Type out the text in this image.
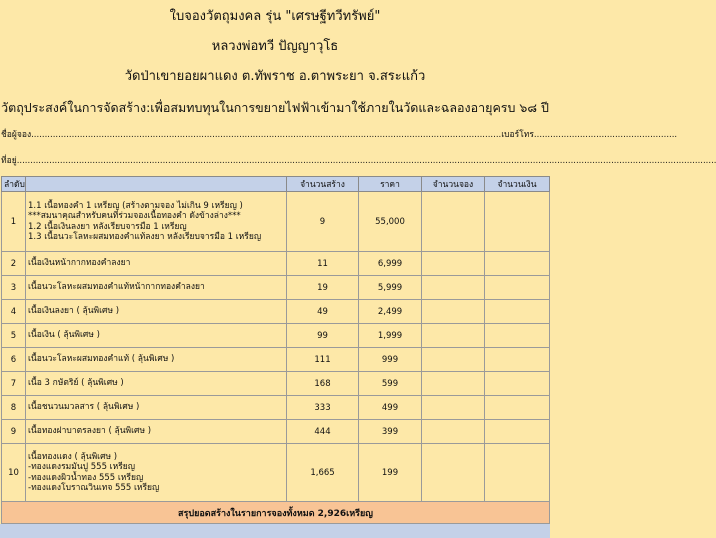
ใบจองวัตถุมงคล รุ่น "เศรษฐีทวีทรัพย์"
หลวงพ่อทวี ปัญญาวุโธ
วัดป่าเขายอยผาแดง ต.ทัพราช อ.ตาพระยา จ.สระแก้ว
วัตถุประสงค์ในการจัดสร้าง:เพื่อสมทบทุนในการขยายไฟฟ้าเข้ามาใช้ภายในวัดและฉลองอายุครบ ๖๘ ปี
ชื่อผู้จอง..............................................................................................................................................................................เบอร์โทร.....................................................
ที่อยู่...................................................................................................................................................................................................................................................................
ลำดับ		จำนวนสร้าง	ราคา	จำนวนจอง	จำนวนเงิน
1	1.1 เนื้อทองคำ 1 เหรียญ (สร้างตามจอง ไม่เกิน 9 เหรียญ )
***สมนาคุณสำหรับคนที่ร่วมจองเนื้อทองคำ ดังข้างล่าง***
1.2 เนื้อเงินลงยา หลังเรียบจารมือ 1 เหรียญ
1.3 เนื้อนวะโลหะผสมทองคำแท้ลงยา หลังเรียบจารมือ 1 เหรียญ	9	55,000		
2	เนื้อเงินหน้ากากทองคำลงยา	11	6,999		
3	เนื้อนวะโลหะผสมทองคำแท้หน้ากากทองคำลงยา	19	5,999		
4	เนื้อเงินลงยา ( ลุ้นพิเศษ )	49	2,499		
5	เนื้อเงิน ( ลุ้นพิเศษ )	99	1,999		
6	เนื้อนวะโลหะผสมทองคำแท้ ( ลุ้นพิเศษ )	111	999		
7	เนื้อ 3 กษัตริย์ ( ลุ้นพิเศษ )	168	599		
8	เนื้อชนวนมวลสาร ( ลุ้นพิเศษ )	333	499		
9	เนื้อทองฝาบาตรลงยา ( ลุ้นพิเศษ )	444	399		
10	เนื้อทองแดง ( ลุ้นพิเศษ )
-ทองแดงรมมันปู 555 เหรียญ
-ทองแดงผิวน้ำทอง 555 เหรียญ
-ทองแดงโบราณวินเทจ 555 เหรียญ	1,665	199		
สรุปยอดสร้างในรายการจองทั้งหมด 2,926เหรียญ					
